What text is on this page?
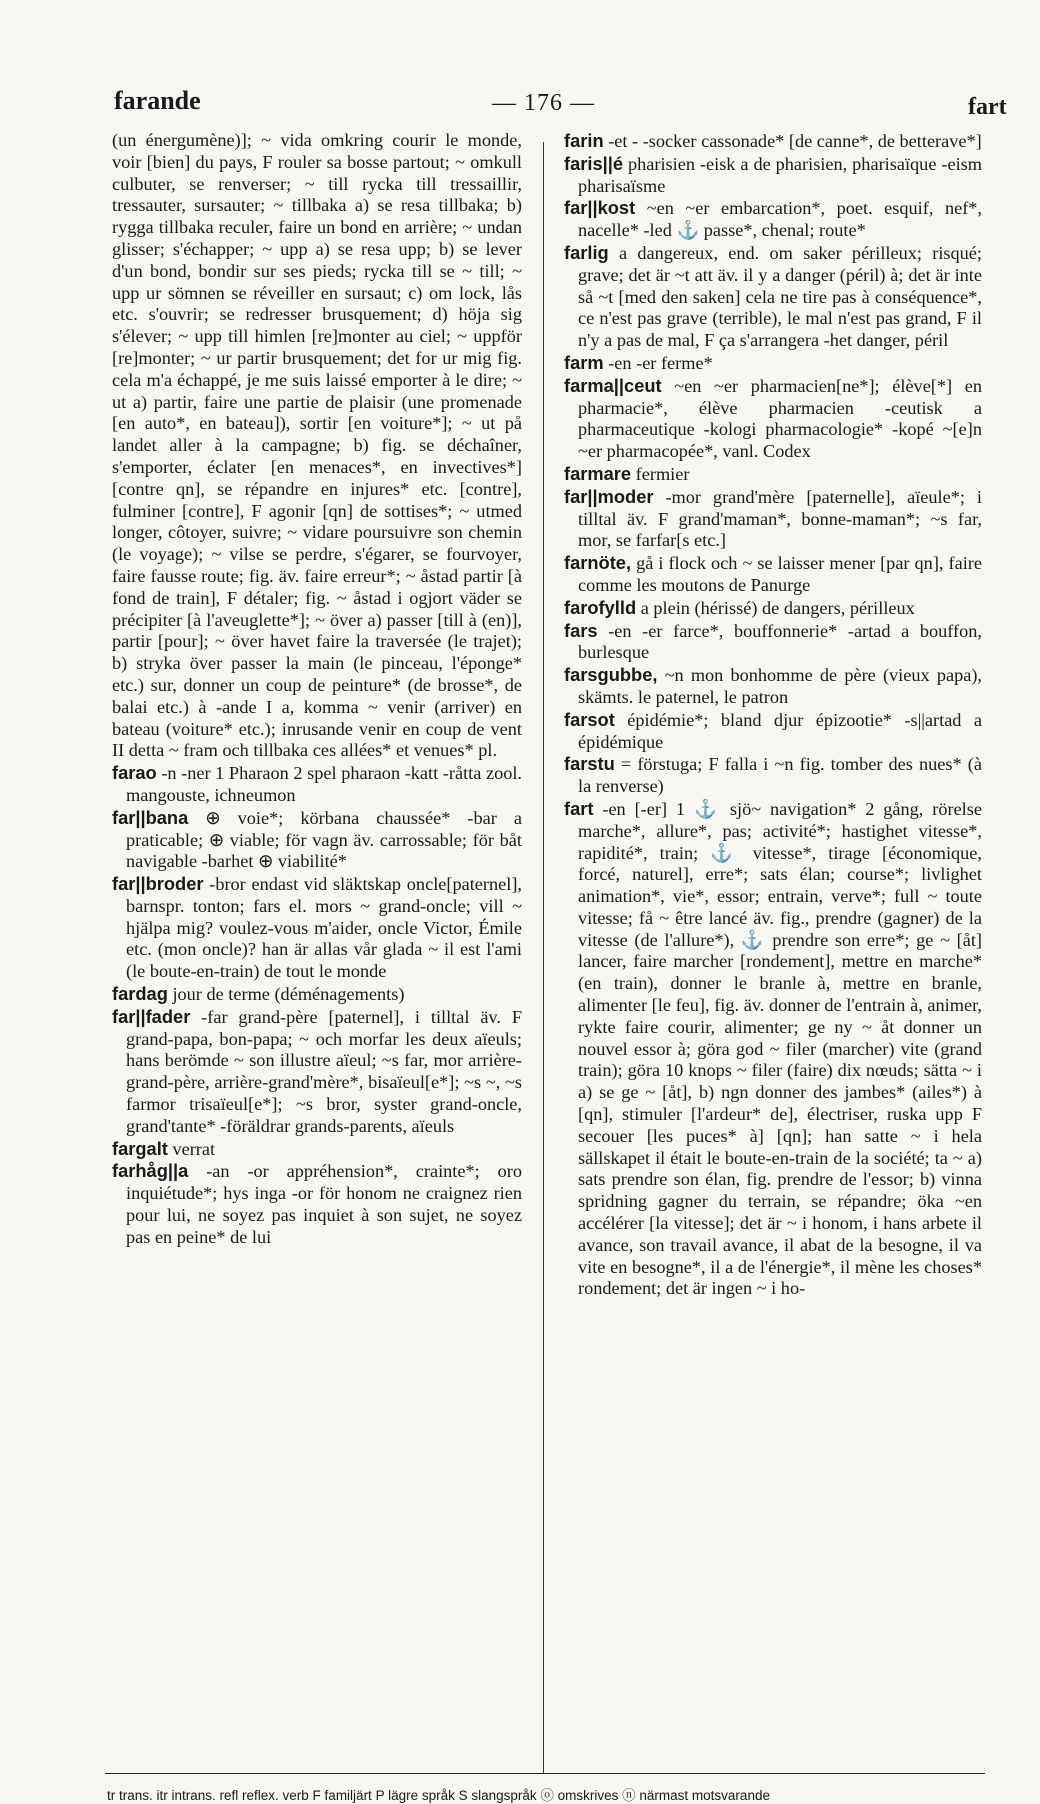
farande	— 176 —	fart

(un énergumène)]; ~ vida omkring courir le monde, voir [bien] du pays, F rouler sa bosse partout; ~ omkull culbuter, se renverser; ~ till rycka till tressaillir, tressauter, sursauter; ~ tillbaka a) se resa tillbaka; b) rygga tillbaka reculer, faire un bond en arrière; ~ undan glisser; s'échapper; ~ upp a) se resa upp; b) se lever d'un bond, bondir sur ses pieds; rycka till se ~ till; ~ upp ur sömnen se réveiller en sursaut; c) om lock, lås etc. s'ouvrir; se redresser brusquement; d) höja sig s'élever; ~ upp till himlen [re]monter au ciel; ~ uppför [re]monter; ~ ur partir brusquement; det for ur mig fig. cela m'a échappé, je me suis laissé emporter à le dire; ~ ut a) partir, faire une partie de plaisir (une promenade [en auto*, en bateau]), sortir [en voiture*]; ~ ut på landet aller à la campagne; b) fig. se déchaîner, s'emporter, éclater [en menaces*, en invectives*] [contre qn], se répandre en injures* etc. [contre], fulminer [contre], F agonir [qn] de sottises*; ~ utmed longer, côtoyer, suivre; ~ vidare poursuivre son chemin (le voyage); ~ vilse se perdre, s'égarer, se fourvoyer, faire fausse route; fig. äv. faire erreur*; ~ åstad partir [à fond de train], F détaler; fig. ~ åstad i ogjort väder se précipiter [à l'aveuglette*]; ~ över a) passer [till à (en)], partir [pour]; ~ över havet faire la traversée (le trajet); b) stryka över passer la main (le pinceau, l'éponge* etc.) sur, donner un coup de peinture* (de brosse*, de balai etc.) à -ande I a, komma ~ venir (arriver) en bateau (voiture* etc.); inrusande venir en coup de vent II detta ~ fram och tillbaka ces allées* et venues* pl.

farao -n -ner 1 Pharaon 2 spel pharaon -katt -råtta zool. mangouste, ichneumon

far||bana ⊕ voie*; körbana chaussée* -bar a praticable; ⊕ viable; för vagn äv. carrossable; för båt navigable -barhet ⊕ viabilité*

far||broder -bror endast vid släktskap oncle[paternel], barnspr. tonton; fars el. mors ~ grand-oncle; vill ~ hjälpa mig? voulez-vous m'aider, oncle Victor, Émile etc. (mon oncle)? han är allas vår glada ~ il est l'ami (le boute-en-train) de tout le monde

fardag jour de terme (déménagements)

far||fader -far grand-père [paternel], i tilltal äv. F grand-papa, bon-papa; ~ och morfar les deux aïeuls; hans berömde ~ son illustre aïeul; ~s far, mor arrière-grand-père, arrière-grand'mère*, bisaïeul[e*]; ~s ~, ~s farmor trisaïeul[e*]; ~s bror, syster grand-oncle, grand'tante* -föräldrar grands-parents, aïeuls

fargalt verrat

farhåg||a -an -or appréhension*, crainte*; oro inquiétude*; hys inga -or för honom ne craignez rien pour lui, ne soyez pas inquiet à son sujet, ne soyez pas en peine* de lui

farin -et - -socker cassonade* [de canne*, de betterave*]

faris||é pharisien -eisk a de pharisien, pharisaïque -eism pharisaïsme

far||kost ~en ~er embarcation*, poet. esquif, nef*, nacelle* -led ⚓ passe*, chenal; route*

farlig a dangereux, end. om saker périlleux; risqué; grave; det är ~t att äv. il y a danger (péril) à; det är inte så ~t [med den saken] cela ne tire pas à conséquence*, ce n'est pas grave (terrible), le mal n'est pas grand, F il n'y a pas de mal, F ça s'arrangera -het danger, péril

farm -en -er ferme*

farma||ceut ~en ~er pharmacien[ne*]; élève[*] en pharmacie*, élève pharmacien -ceutisk a pharmaceutique -kologi pharmacologie* -kopé ~[e]n ~er pharmacopée*, vanl. Codex

farmare fermier

far||moder -mor grand'mère [paternelle], aïeule*; i tilltal äv. F grand'maman*, bonne-maman*; ~s far, mor, se farfar[s etc.]

farnöte, gå i flock och ~ se laisser mener [par qn], faire comme les moutons de Panurge

farofylld a plein (hérissé) de dangers, périlleux

fars -en -er farce*, bouffonnerie* -artad a bouffon, burlesque

farsgubbe, ~n mon bonhomme de père (vieux papa), skämts. le paternel, le patron

farsot épidémie*; bland djur épizootie* -s||artad a épidémique

farstu = förstuga; F falla i ~n fig. tomber des nues* (à la renverse)

fart -en [-er] 1 ⚓ sjö~ navigation* 2 gång, rörelse marche*, allure*, pas; activité*; hastighet vitesse*, rapidité*, train; ⚓ vitesse*, tirage [économique, forcé, naturel], erre*; sats élan; course*; livlighet animation*, vie*, essor; entrain, verve*; full ~ toute vitesse; få ~ être lancé äv. fig., prendre (gagner) de la vitesse (de l'allure*), ⚓ prendre son erre*; ge ~ [åt] lancer, faire marcher [rondement], mettre en marche* (en train), donner le branle à, mettre en branle, alimenter [le feu], fig. äv. donner de l'entrain à, animer, rykte faire courir, alimenter; ge ny ~ åt donner un nouvel essor à; göra god ~ filer (marcher) vite (grand train); göra 10 knops ~ filer (faire) dix nœuds; sätta ~ i a) se ge ~ [åt], b) ngn donner des jambes* (ailes*) à [qn], stimuler [l'ardeur* de], électriser, ruska upp F secouer [les puces* à] [qn]; han satte ~ i hela sällskapet il était le boute-en-train de la société; ta ~ a) sats prendre son élan, fig. prendre de l'essor; b) vinna spridning gagner du terrain, se répandre; öka ~en accélérer [la vitesse]; det är ~ i honom, i hans arbete il avance, son travail avance, il abat de la besogne, il va vite en besogne*, il a de l'énergie*, il mène les choses* rondement; det är ingen ~ i ho-

tr trans. itr intrans. refl reflex. verb F familjärt P lägre språk S slangspråk ⓞ omskrives ⓝ närmast motsvarande
